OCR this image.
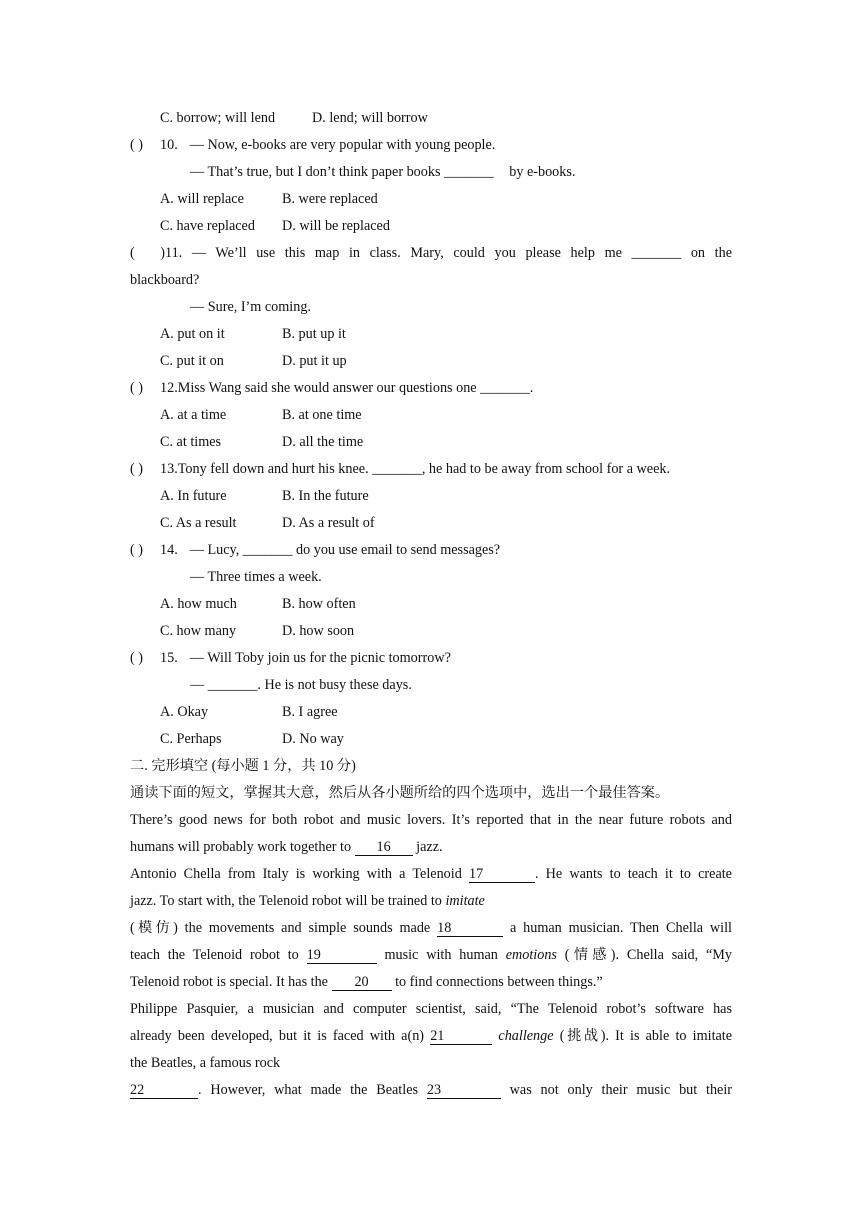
C. borrow; will lend	D. lend; will borrow
( ) 10. — Now, e-books are very popular with young people.
— That’s true, but I don’t think paper books _______ by e-books.
A. will replace	B. were replaced
C. have replaced D. will be replaced
( )11. — We’ll use this map in class. Mary, could you please help me _______ on the
blackboard?
— Sure, I’m coming.
A. put on it	B. put up it
C. put it on	D. put it up
( ) 12.Miss Wang said she would answer our questions one _______.
A. at a time	B. at one time
C. at times	D. all the time
( ) 13.Tony fell down and hurt his knee. _______, he had to be away from school for a week.
A. In future	B. In the future
C. As a result	D. As a result of
( ) 14. — Lucy, _______ do you use email to send messages?
— Three times a week.
A. how much	B. how often
C. how many	D. how soon
( ) 15. — Will Toby join us for the picnic tomorrow?
— _______. He is not busy these days.
A. Okay	B. I agree
C. Perhaps	D. No way
二. 完形填空 (每小题 1 分，共 10 分)
通读下面的短文，掌握其大意，然后从各小题所给的四个选项中，选出一个最佳答案。
There’s good news for both robot and music lovers. It’s reported that in the near future robots and
humans will probably work together to 16 jazz.
Antonio Chella from Italy is working with a Telenoid 17	. He wants to teach it to create
jazz. To start with, the Telenoid robot will be trained to imitate
(模仿) the movements and simple sounds made 18	a human musician. Then Chella will
teach the Telenoid robot to 19	music with human emotions (情感). Chella said, “My
Telenoid robot is special. It has the 20 to find connections between things.”
Philippe Pasquier, a musician and computer scientist, said, “The Telenoid robot’s software has
already been developed, but it is faced with a(n) 21	challenge (挑战). It is able to imitate
the Beatles, a famous rock
22	. However, what made the Beatles 23	was not only their music but their
